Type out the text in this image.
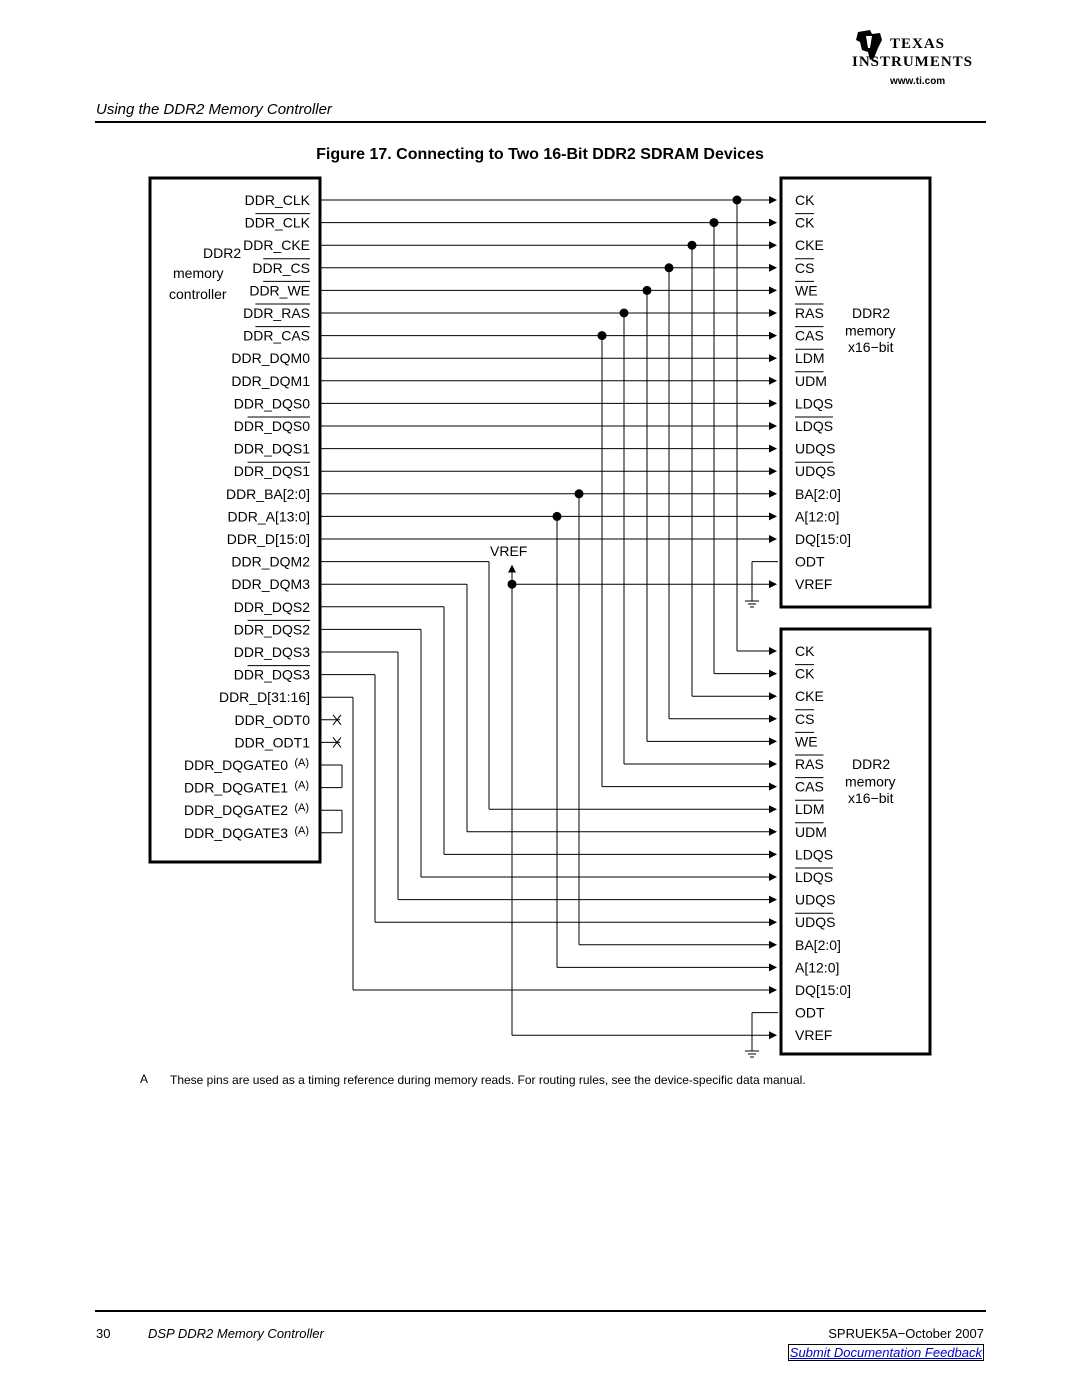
TEXAS
INSTRUMENTS
www.ti.com
Using the DDR2 Memory Controller
Figure 17. Connecting to Two 16-Bit DDR2 SDRAM Devices
DDR2
memory
controller
DDR_CLK
DDR_CLK
DDR_CKE
DDR_CS
DDR_WE
DDR_RAS
DDR_CAS
DDR_DQM0
DDR_DQM1
DDR_DQS0
DDR_DQS0
DDR_DQS1
DDR_DQS1
DDR_BA[2:0]
DDR_A[13:0]
DDR_D[15:0]
DDR_DQM2
DDR_DQM3
DDR_DQS2
DDR_DQS2
DDR_DQS3
DDR_DQS3
DDR_D[31:16]
DDR_ODT0
DDR_ODT1
DDR_DQGATE0 (A)
DDR_DQGATE1 (A)
DDR_DQGATE2 (A)
DDR_DQGATE3 (A)
CK
CK
CKE
CS
WE
RAS
CAS
LDM
UDM
LDQS
LDQS
UDQS
UDQS
BA[2:0]
A[12:0]
DQ[15:0]
ODT
VREF
DDR2
memory
x16−bit
CK
CK
CKE
CS
WE
RAS
CAS
LDM
UDM
LDQS
LDQS
UDQS
UDQS
BA[2:0]
A[12:0]
DQ[15:0]
ODT
VREF
DDR2
memory
x16−bit
VREF
A These pins are used as a timing reference during memory reads. For routing rules, see the device-specific data manual.
30	DSP DDR2 Memory Controller	SPRUEK5A−October 2007
Submit Documentation Feedback
